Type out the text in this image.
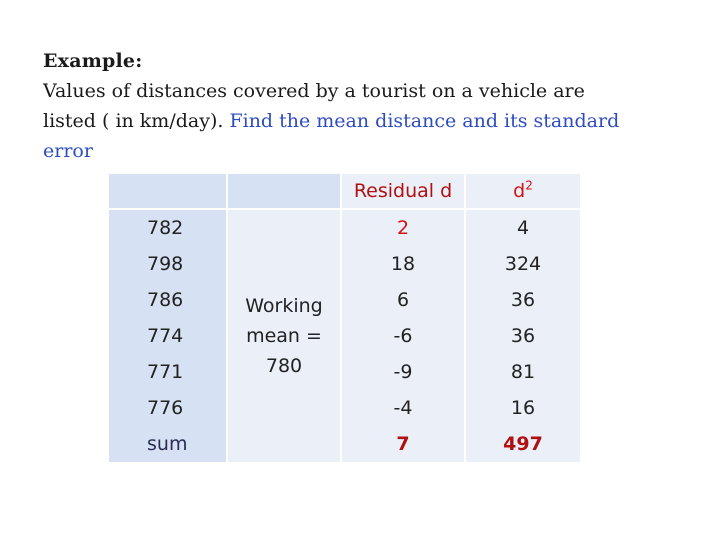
Example:
Values of distances covered by a tourist on a vehicle are
listed ( in km/day). Find the mean distance and its standard
error
		Residual d	$d^2$
782	Working mean = 780	2	4
798		18	324
786		6	36
774		-6	36
771		-9	81
776		-4	16
sum		7	497
